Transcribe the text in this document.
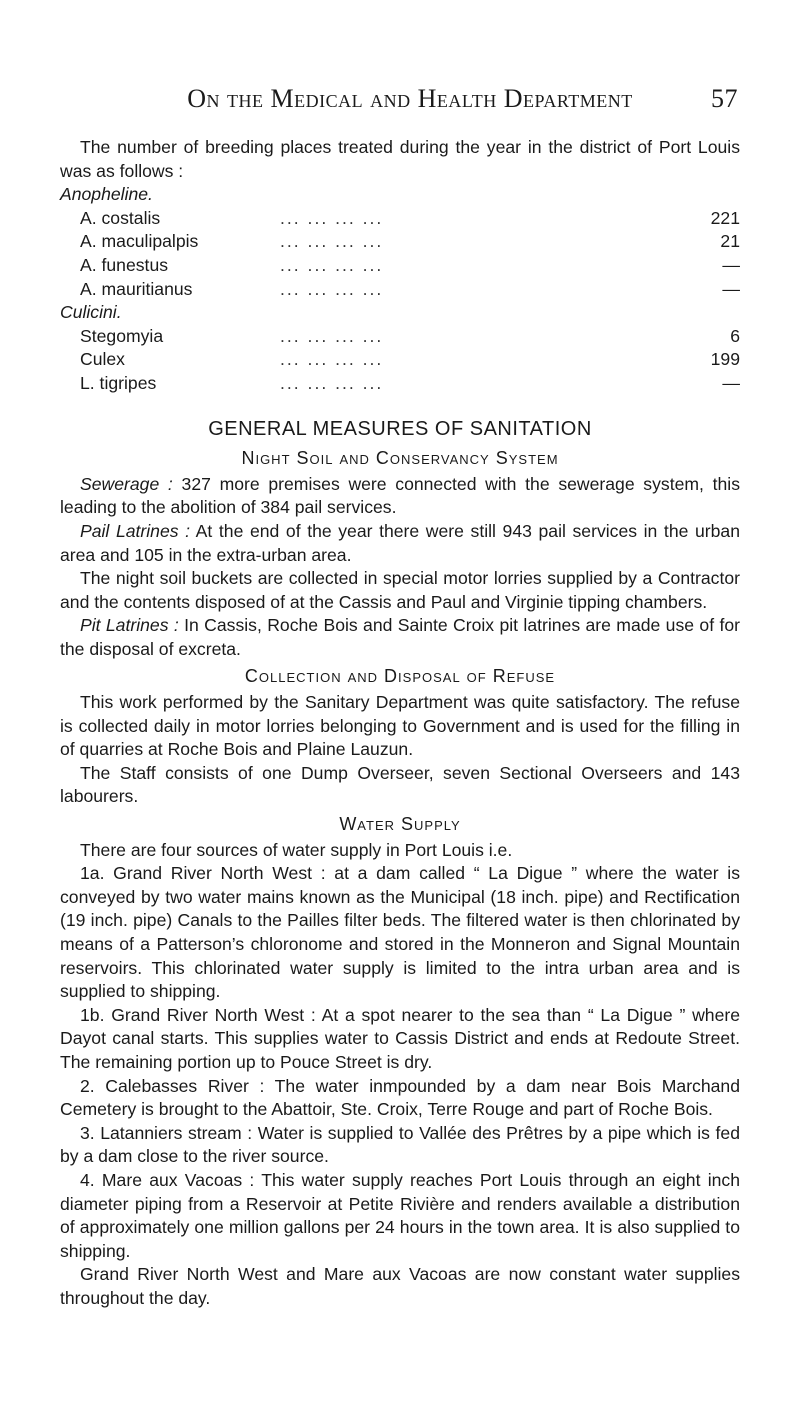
On the Medical and Health Department	57

The number of breeding places treated during the year in the district of Port Louis was as follows :

Anopheline.
A. costalis	... ... ... ...	221
A. maculipalpis	... ... ... ...	21
A. funestus	... ... ... ...	—
A. mauritianus	... ... ... ...	—
Culicini.
Stegomyia	... ... ... ...	6
Culex	... ... ... ...	199
L. tigripes	... ... ... ...	—
GENERAL MEASURES OF SANITATION
Night Soil and Conservancy System

Sewerage : 327 more premises were connected with the sewerage system, this leading to the abolition of 384 pail services.

Pail Latrines : At the end of the year there were still 943 pail services in the urban area and 105 in the extra-urban area.

The night soil buckets are collected in special motor lorries supplied by a Contractor and the contents disposed of at the Cassis and Paul and Virginie tipping chambers.

Pit Latrines : In Cassis, Roche Bois and Sainte Croix pit latrines are made use of for the disposal of excreta.

Collection and Disposal of Refuse

This work performed by the Sanitary Department was quite satisfactory. The refuse is collected daily in motor lorries belonging to Government and is used for the filling in of quarries at Roche Bois and Plaine Lauzun.

The Staff consists of one Dump Overseer, seven Sectional Overseers and 143 labourers.

Water Supply

There are four sources of water supply in Port Louis i.e.

1a. Grand River North West : at a dam called “ La Digue ” where the water is conveyed by two water mains known as the Municipal (18 inch. pipe) and Rectification (19 inch. pipe) Canals to the Pailles filter beds. The filtered water is then chlorinated by means of a Patterson’s chloronome and stored in the Monneron and Signal Mountain reservoirs. This chlorinated water supply is limited to the intra urban area and is supplied to shipping.

1b. Grand River North West : At a spot nearer to the sea than “ La Digue ” where Dayot canal starts. This supplies water to Cassis District and ends at Redoute Street. The remaining portion up to Pouce Street is dry.

2. Calebasses River : The water inmpounded by a dam near Bois Marchand Cemetery is brought to the Abattoir, Ste. Croix, Terre Rouge and part of Roche Bois.

3. Latanniers stream : Water is supplied to Vallée des Prêtres by a pipe which is fed by a dam close to the river source.

4. Mare aux Vacoas : This water supply reaches Port Louis through an eight inch diameter piping from a Reservoir at Petite Rivière and renders available a distribution of approximately one million gallons per 24 hours in the town area. It is also supplied to shipping.

Grand River North West and Mare aux Vacoas are now constant water supplies throughout the day.
